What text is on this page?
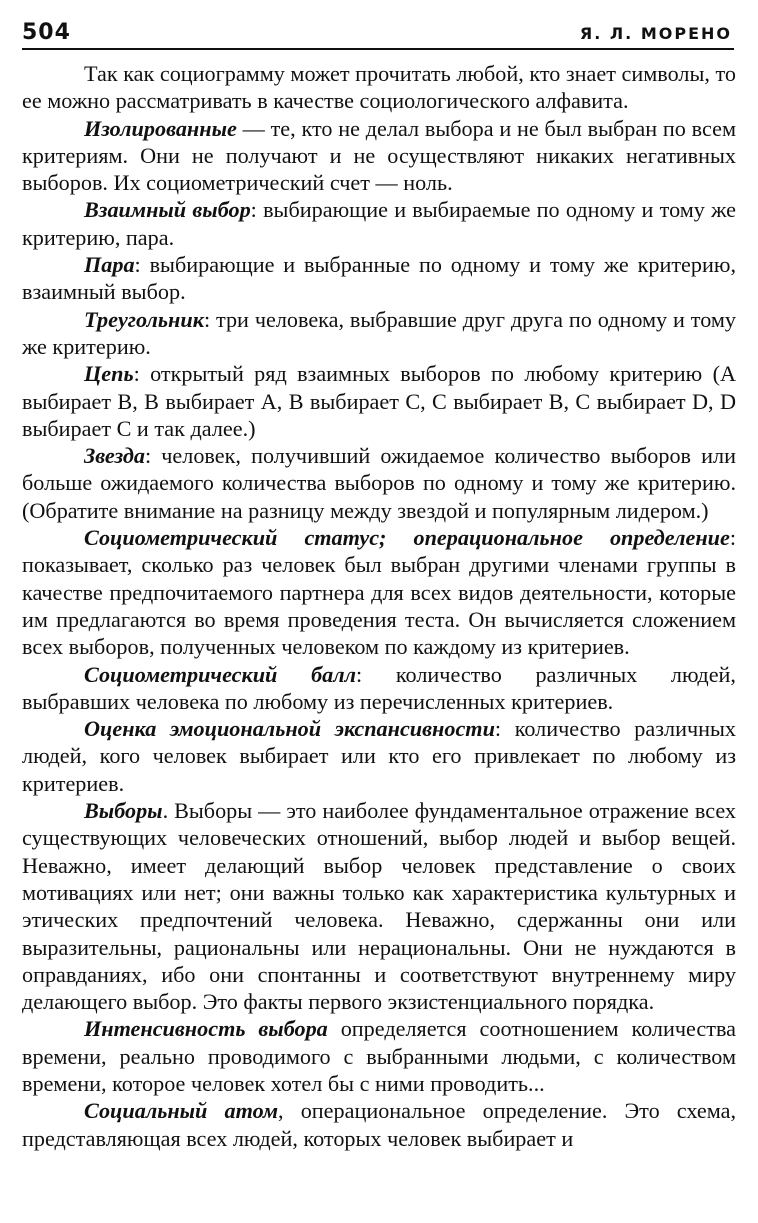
504	Я. Л. МОРЕНО

Так как социограмму может прочитать любой, кто знает символы, то ее можно рассматривать в качестве социологического алфавита.

Изолированные — те, кто не делал выбора и не был выбран по всем критериям. Они не получают и не осуществляют никаких негативных выборов. Их социометрический счет — ноль.

Взаимный выбор: выбирающие и выбираемые по одному и тому же критерию, пара.

Пара: выбирающие и выбранные по одному и тому же критерию, взаимный выбор.

Треугольник: три человека, выбравшие друг друга по одному и тому же критерию.

Цепь: открытый ряд взаимных выборов по любому критерию (А выбирает В, В выбирает А, В выбирает С, С выбирает В, С выбирает D, D выбирает С и так далее.)

Звезда: человек, получивший ожидаемое количество выборов или больше ожидаемого количества выборов по одному и тому же критерию. (Обратите внимание на разницу между звездой и популярным лидером.)

Социометрический статус; операциональное определение: показывает, сколько раз человек был выбран другими членами группы в качестве предпочитаемого партнера для всех видов деятельности, которые им предлагаются во время проведения теста. Он вычисляется сложением всех выборов, полученных человеком по каждому из критериев.

Социометрический балл: количество различных людей, выбравших человека по любому из перечисленных критериев.

Оценка эмоциональной экспансивности: количество различных людей, кого человек выбирает или кто его привлекает по любому из критериев.

Выборы. Выборы — это наиболее фундаментальное отражение всех существующих человеческих отношений, выбор людей и выбор вещей. Неважно, имеет делающий выбор человек представление о своих мотивациях или нет; они важны только как характеристика культурных и этических предпочтений человека. Неважно, сдержанны они или выразительны, рациональны или нерациональны. Они не нуждаются в оправданиях, ибо они спонтанны и соответствуют внутреннему миру делающего выбор. Это факты первого экзистенциального порядка.

Интенсивность выбора определяется соотношением количества времени, реально проводимого с выбранными людьми, с количеством времени, которое человек хотел бы с ними проводить...

Социальный атом, операциональное определение. Это схема, представляющая всех людей, которых человек выбирает и
